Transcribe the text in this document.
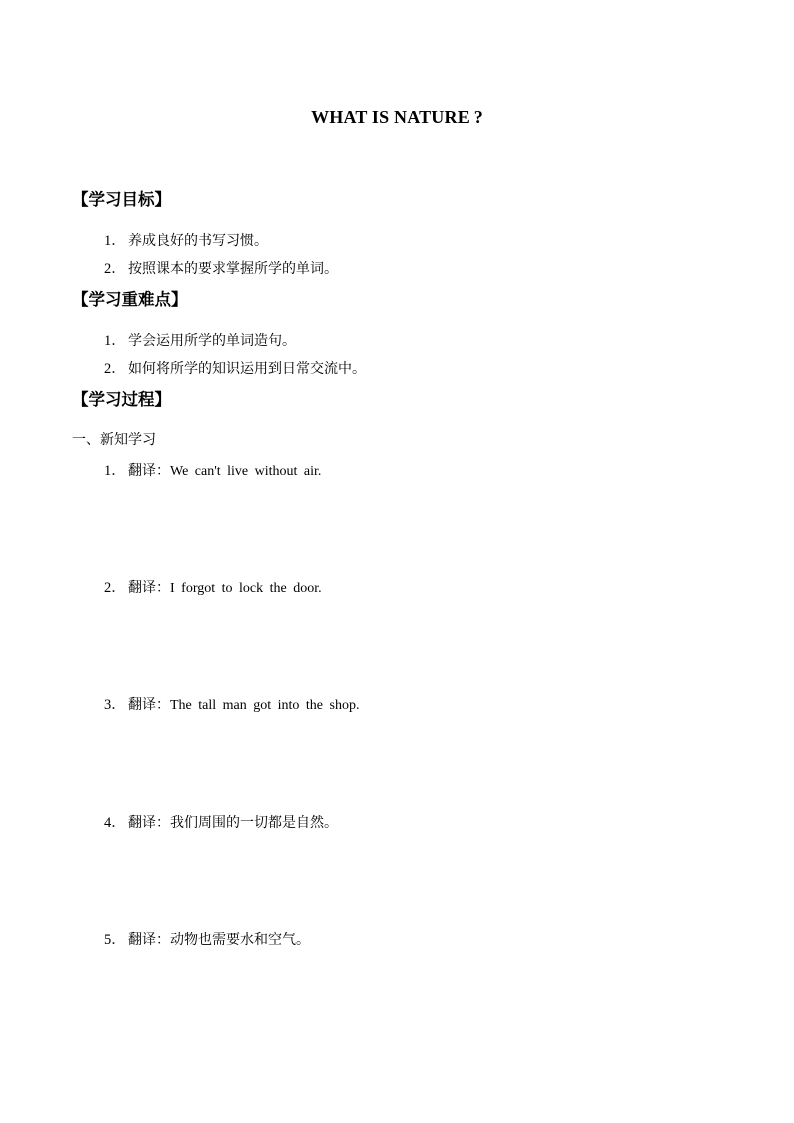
WHAT IS NATURE ?
【学习目标】
1． 养成良好的书写习惯。
2． 按照课本的要求掌握所学的单词。
【学习重难点】
1． 学会运用所学的单词造句。
2． 如何将所学的知识运用到日常交流中。
【学习过程】
一、新知学习
1． 翻译：We can't live without air.
2． 翻译：I forgot to lock the door.
3． 翻译：The tall man got into the shop.
4． 翻译：我们周围的一切都是自然。
5． 翻译：动物也需要水和空气。
